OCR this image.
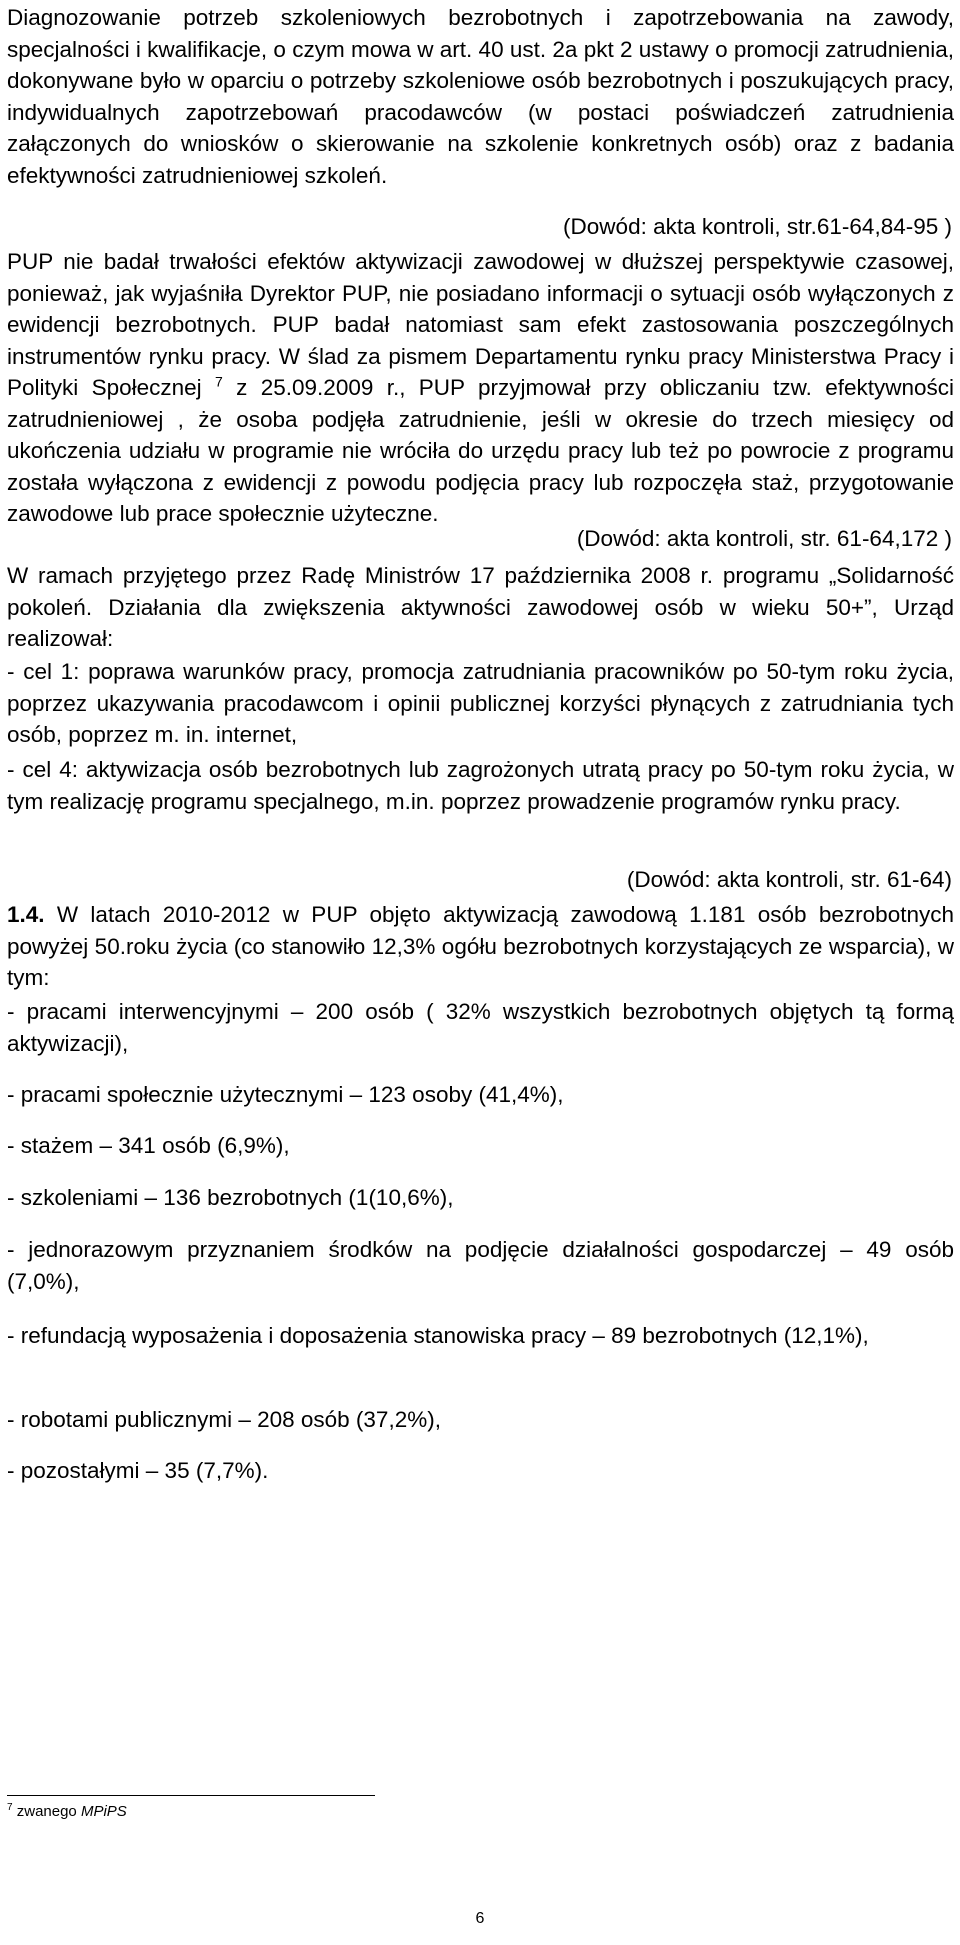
Diagnozowanie potrzeb szkoleniowych bezrobotnych i zapotrzebowania na zawody, specjalności i kwalifikacje, o czym mowa w art. 40 ust. 2a pkt 2 ustawy o promocji zatrudnienia, dokonywane było w oparciu o potrzeby szkoleniowe osób bezrobotnych i poszukujących pracy, indywidualnych zapotrzebowań pracodawców (w postaci poświadczeń zatrudnienia załączonych do wniosków o skierowanie na szkolenie konkretnych osób) oraz z badania efektywności zatrudnieniowej szkoleń.

(Dowód: akta kontroli, str.61-64,84-95 )

PUP nie badał trwałości efektów aktywizacji zawodowej w dłuższej perspektywie czasowej, ponieważ, jak wyjaśniła Dyrektor PUP, nie posiadano informacji o sytuacji osób wyłączonych z ewidencji bezrobotnych. PUP badał natomiast sam efekt zastosowania poszczególnych instrumentów rynku pracy. W ślad za pismem Departamentu rynku pracy Ministerstwa Pracy i Polityki Społecznej $^7$ z 25.09.2009 r., PUP przyjmował przy obliczaniu tzw. efektywności zatrudnieniowej , że osoba podjęła zatrudnienie, jeśli w okresie do trzech miesięcy od ukończenia udziału w programie nie wróciła do urzędu pracy lub też po powrocie z programu została wyłączona z ewidencji z powodu podjęcia pracy lub rozpoczęła staż, przygotowanie zawodowe lub prace społecznie użyteczne.

(Dowód: akta kontroli, str. 61-64,172 )

W ramach przyjętego przez Radę Ministrów 17 października 2008 r. programu „Solidarność pokoleń. Działania dla zwiększenia aktywności zawodowej osób w wieku 50+”, Urząd realizował:

- cel 1: poprawa warunków pracy, promocja zatrudniania pracowników po 50-tym roku życia, poprzez ukazywania pracodawcom i opinii publicznej korzyści płynących z zatrudniania tych osób, poprzez m. in. internet,

- cel 4: aktywizacja osób bezrobotnych lub zagrożonych utratą pracy po 50-tym roku życia, w tym realizację programu specjalnego, m.in. poprzez prowadzenie programów rynku pracy.

(Dowód: akta kontroli, str. 61-64)

1.4. W latach 2010-2012 w PUP objęto aktywizacją zawodową 1.181 osób bezrobotnych powyżej 50.roku życia (co stanowiło 12,3% ogółu bezrobotnych korzystających ze wsparcia), w tym:

- pracami interwencyjnymi – 200 osób ( 32% wszystkich bezrobotnych objętych tą formą aktywizacji),

- pracami społecznie użytecznymi – 123 osoby (41,4%),

- stażem – 341 osób (6,9%),

- szkoleniami – 136 bezrobotnych (1(10,6%),

- jednorazowym przyznaniem środków na podjęcie działalności gospodarczej – 49 osób (7,0%),

- refundacją wyposażenia i doposażenia stanowiska pracy – 89 bezrobotnych (12,1%),

- robotami publicznymi – 208 osób (37,2%),

- pozostałymi – 35 (7,7%).

$^7$ zwanego MPiPS
6
